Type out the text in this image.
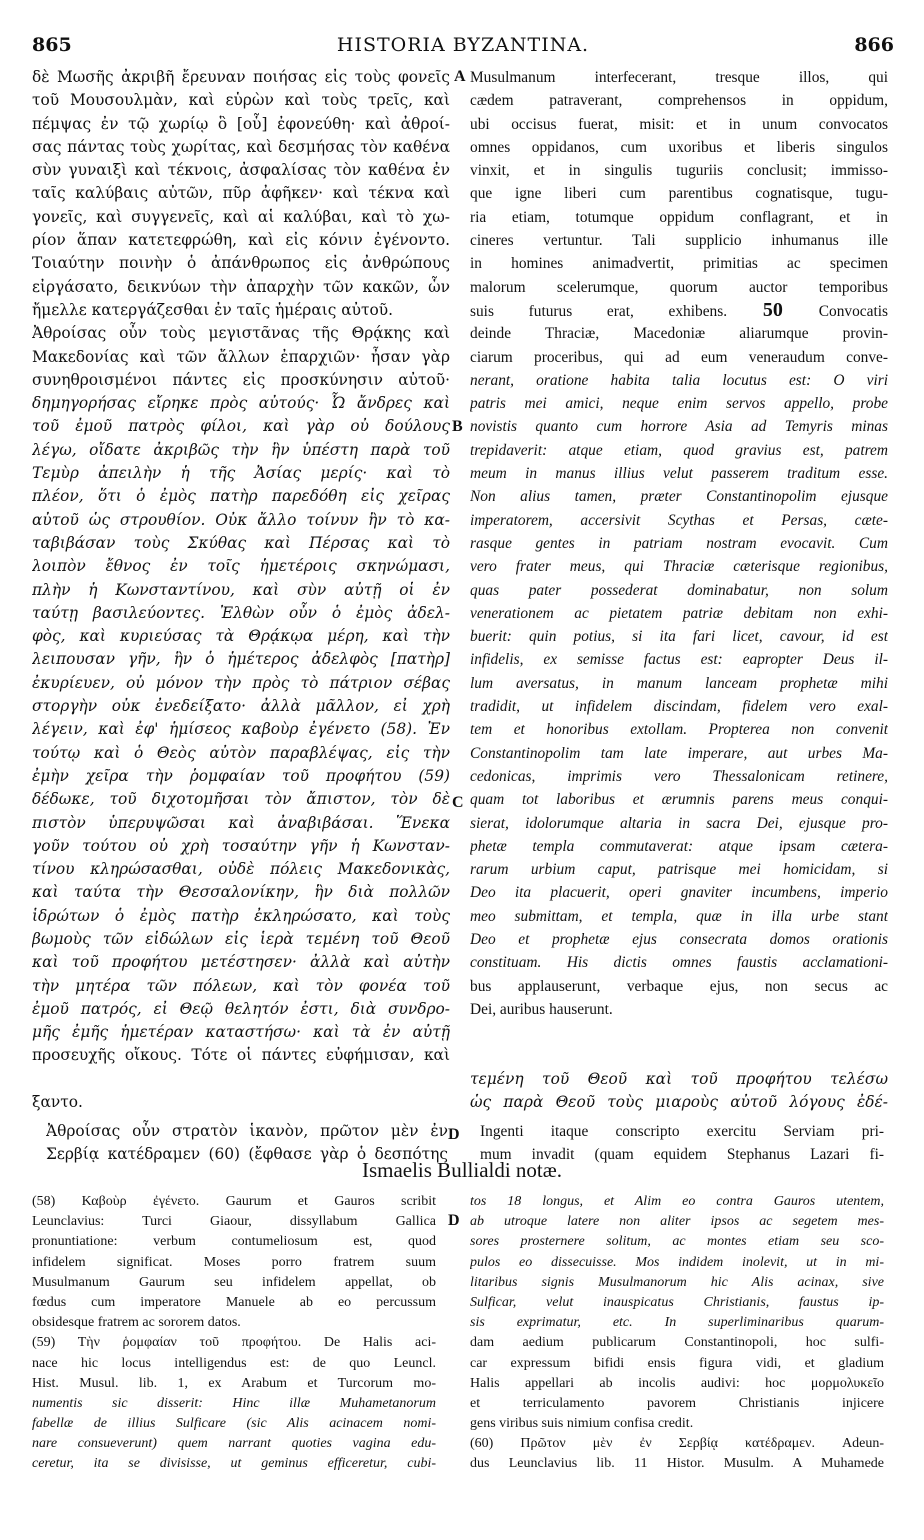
865	HISTORIA BYZANTINA.	866
A
B
C
D
D
δὲ Μωσῆς ἀκριβῆ ἔρευναν ποιήσας εἰς τοὺς φονεῖς
τοῦ Μουσουλμὰν, καὶ εὑρὼν καὶ τοὺς τρεῖς, καὶ
πέμψας ἐν τῷ χωρίῳ ὃ [οὗ] ἐφονεύθη· καὶ ἀθροί-
σας πάντας τοὺς χωρίτας, καὶ δεσμήσας τὸν καθένα
σὺν γυναιξὶ καὶ τέκνοις, ἀσφαλίσας τὸν καθένα ἐν
ταῖς καλύβαις αὐτῶν, πῦρ ἀφῆκεν· καὶ τέκνα καὶ
γονεῖς, καὶ συγγενεῖς, καὶ αἱ καλύβαι, καὶ τὸ χω-
ρίον ἅπαν κατετεφρώθη, καὶ εἰς κόνιν ἐγένοντο.
Τοιαύτην ποινὴν ὁ ἀπάνθρωπος εἰς ἀνθρώπους
εἰργάσατο, δεικνύων τὴν ἀπαρχὴν τῶν κακῶν, ὧν
ἤμελλε κατεργάζεσθαι ἐν ταῖς ἡμέραις αὐτοῦ.
Ἀθροίσας οὖν τοὺς μεγιστᾶνας τῆς Θρᾴκης καὶ
Μακεδονίας καὶ τῶν ἄλλων ἐπαρχιῶν· ἦσαν γὰρ
συνηθροισμένοι πάντες εἰς προσκύνησιν αὐτοῦ·
δημηγορήσας εἴρηκε πρὸς αὐτούς· Ὦ ἄνδρες καὶ
τοῦ ἐμοῦ πατρὸς φίλοι, καὶ γὰρ οὐ δούλους
λέγω, οἴδατε ἀκριβῶς τὴν ἣν ὑπέστη παρὰ τοῦ
Τεμὺρ ἀπειλὴν ἡ τῆς Ἀσίας μερίς· καὶ τὸ
πλέον, ὅτι ὁ ἐμὸς πατὴρ παρεδόθη εἰς χεῖρας
αὐτοῦ ὡς στρουθίον. Οὐκ ἄλλο τοίνυν ἢν τὸ κα-
ταβιβάσαν τοὺς Σκύθας καὶ Πέρσας καὶ τὸ
λοιπὸν ἔθνος ἐν τοῖς ἡμετέροις σκηνώμασι,
πλὴν ἡ Κωνσταντίνου, καὶ σὺν αὐτῇ οἱ ἐν
ταύτῃ βασιλεύοντες. Ἐλθὼν οὖν ὁ ἐμὸς ἀδελ-
φὸς, καὶ κυριεύσας τὰ Θρᾴκῳα μέρη, καὶ τὴν
λειπουσαν γῆν, ἣν ὁ ἡμέτερος ἀδελφὸς [πατὴρ]
ἐκυρίευεν, οὐ μόνον τὴν πρὸς τὸ πάτριον σέβας
στοργὴν οὐκ ἐνεδείξατο· ἀλλὰ μᾶλλον, εἰ χρὴ
λέγειν, καὶ ἐφ' ἡμίσεος καβοὺρ ἐγένετο (58). Ἐν
τούτῳ καὶ ὁ Θεὸς αὐτὸν παραβλέψας, εἰς τὴν
ἐμὴν χεῖρα τὴν ῥομφαίαν τοῦ προφήτου (59)
δέδωκε, τοῦ διχοτομῆσαι τὸν ἄπιστον, τὸν δὲ
πιστὸν ὑπερυψῶσαι καὶ ἀναβιβάσαι. Ἕνεκα
γοῦν τούτου οὐ χρὴ τοσαύτην γῆν ἡ Κωνσταν-
τίνου κληρώσασθαι, οὐδὲ πόλεις Μακεδονικὰς,
καὶ ταύτα τὴν Θεσσαλονίκην, ἣν διὰ πολλῶν
ἱδρώτων ὁ ἐμὸς πατὴρ ἐκληρώσατο, καὶ τοὺς
βωμοὺς τῶν εἰδώλων εἰς ἱερὰ τεμένη τοῦ Θεοῦ
καὶ τοῦ προφήτου μετέστησεν· ἀλλὰ καὶ αὐτὴν
τὴν μητέρα τῶν πόλεων, καὶ τὸν φονέα τοῦ
ἐμοῦ πατρός, εἰ Θεῷ θελητόν ἐστι, διὰ συνδρο-
μῆς ἐμῆς ἡμετέραν καταστήσω· καὶ τὰ ἐν αὐτῇ
προσευχῆς οἴκους. Τότε οἱ πάντες εὐφήμισαν, καὶ
Musulmanum interfecerant, tresque illos, qui
cædem patraverant, comprehensos in oppidum,
ubi occisus fuerat, misit: et in unum convocatos
omnes oppidanos, cum uxoribus et liberis singulos
vinxit, et in singulis tuguriis conclusit; immisso-
que igne liberi cum parentibus cognatisque, tugu-
ria etiam, totumque oppidum conflagrant, et in
cineres vertuntur. Tali supplicio inhumanus ille
in homines animadvertit, primitias ac specimen
malorum scelerumque, quorum auctor temporibus
suis futurus erat, exhibens. 50 Convocatis
deinde Thraciæ, Macedoniæ aliarumque provin-
ciarum proceribus, qui ad eum veneraudum conve-
nerant, oratione habita talia locutus est: O viri
patris mei amici, neque enim servos appello, probe
novistis quanto cum horrore Asia ad Temyris minas
trepidaverit: atque etiam, quod gravius est, patrem
meum in manus illius velut passerem traditum esse.
Non alius tamen, præter Constantinopolim ejusque
imperatorem, accersivit Scythas et Persas, cæte-
rasque gentes in patriam nostram evocavit. Cum
vero frater meus, qui Thraciæ cæterisque regionibus,
quas pater possederat dominabatur, non solum
venerationem ac pietatem patriæ debitam non exhi-
buerit: quin potius, si ita fari licet, cavour, id est
infidelis, ex semisse factus est: eapropter Deus il-
lum aversatus, in manum lanceam prophetæ mihi
tradidit, ut infidelem discindam, fidelem vero exal-
tem et honoribus extollam. Propterea non convenit
Constantinopolim tam late imperare, aut urbes Ma-
cedonicas, imprimis vero Thessalonicam retinere,
quam tot laboribus et ærumnis parens meus conqui-
sierat, idolorumque altaria in sacra Dei, ejusque pro-
phetæ templa commutaverat: atque ipsam cætera-
rarum urbium caput, patrisque mei homicidam, si
Deo ita placuerit, operi gnaviter incumbens, imperio
meo submittam, et templa, quæ in illa urbe stant
Deo et prophetæ ejus consecrata domos orationis
constituam. His dictis omnes faustis acclamationi-
bus applauserunt, verbaque ejus, non secus ac
Dei, auribus hauserunt.
Ἀθροίσας οὖν στρατὸν ἱκανὸν, πρῶτον μὲν ἐν
Σερβίᾳ κατέδραμεν (60) (ἔφθασε γὰρ ὁ δεσπότης
Ingenti itaque conscripto exercitu Serviam pri-
mum invadit (quam equidem Stephanus Lazari fi-
Ismaelis Bullialdi notæ.
(58) Καβοὺρ ἐγένετο. Gaurum et Gauros scribit
Leunclavius: Turci Giaour, dissyllabum Gallica
pronuntiatione: verbum contumeliosum est, quod
infidelem significat. Moses porro fratrem suum
Musulmanum Gaurum seu infidelem appellat, ob
fœdus cum imperatore Manuele ab eo percussum
obsidesque fratrem ac sororem datos.
(59) Τὴν ῥομφαίαν τοῦ προφήτου. De Halis aci-
nace hic locus intelligendus est: de quo Leuncl.
Hist. Musul. lib. 1, ex Arabum et Turcorum mo-
numentis sic disserit: Hinc illæ Muhametanorum
fabellæ de illius Sulficare (sic Alis acinacem nomi-
nare consueverunt) quem narrant quoties vagina edu-
ceretur, ita se divisisse, ut geminus efficeretur, cubi-
tos 18 longus, et Alim eo contra Gauros utentem,
ab utroque latere non aliter ipsos ac segetem mes-
sores prosternere solitum, ac montes etiam seu sco-
pulos eo dissecuisse. Mos indidem inolevit, ut in mi-
litaribus signis Musulmanorum hic Alis acinax, sive
Sulficar, velut inauspicatus Christianis, faustus ip-
sis exprimatur, etc. In superliminaribus quarum-
dam aedium publicarum Constantinopoli, hoc sulfi-
car expressum bifidi ensis figura vidi, et gladium
Halis appellari ab incolis audivi: hoc μορμολυκεῖο
et terriculamento pavorem Christianis injicere
gens viribus suis nimium confisa credit.
(60) Πρῶτον μὲν ἐν Σερβίᾳ κατέδραμεν. Adeun-
dus Leunclavius lib. 11 Histor. Musulm. A Muhamede
τεμένη τοῦ Θεοῦ καὶ τοῦ προφήτου τελέσω
ὡς παρὰ Θεοῦ τοὺς μιαροὺς αὐτοῦ λόγους ἐδέ-
ξαντο.
